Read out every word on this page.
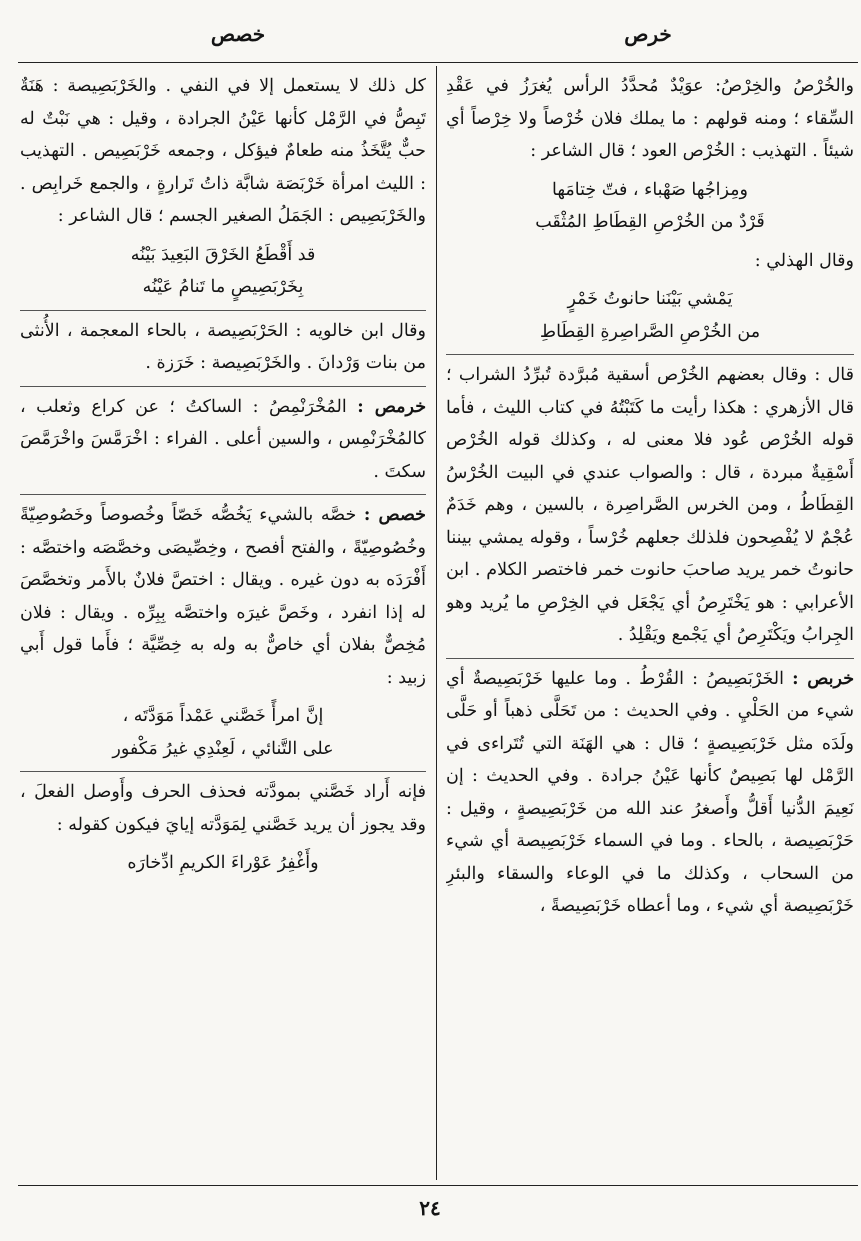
خرص
خصص

والخُرْصُ والخِرْصُ: عوَيْدٌ مُحدَّدُ الرأس يُغرَزُ في عَقْدِ السِّقاء ؛ ومنه قولهم : ما يملك فلان خُرْصاً ولا خِرْصاً أي شيئاً . التهذيب : الخُرْص العود ؛ قال الشاعر :

ومِزاجُها صَهْباء ، فتّ خِتامَها
قَرْدٌ من الخُرْصِ القِطَاطِ المُثْقَب

وقال الهذلي :

يَمْشي بَيْنَنا حانوتُ خَمْرٍ
من الخُرْصِ الصَّراصِرةِ القِطَاطِ

قال : وقال بعضهم الخُرْص أسقية مُبرَّدة تُبرِّدُ الشراب ؛ قال الأزهري : هكذا رأيت ما كَتَبْتُهُ في كتاب الليث ، فأما قوله الخُرْص عُود فلا معنى له ، وكذلك قوله الخُرْص أَسْقِيةٌ مبردة ، قال : والصواب عندي في البيت الخُرْسُ القِطَاطُ ، ومن الخرس الصَّراصِرة ، بالسين ، وهم خَدَمٌ عُجْمٌ لا يُفْصِحون فلذلك جعلهم خُرْساً ، وقوله يمشي بيننا حانوتُ خمر يريد صاحبَ حانوت خمر فاختصر الكلام . ابن الأعرابي : هو يَخْتَرِصُ أي يَجْعَل في الخِرْصِ ما يُريد وهو الجِرابُ ويَكْتَرِصُ أي يَجْمع ويَقْلِدُ .

خربص : الخَرْبَصِيصُ : القُرْطُ . وما عليها خَرْبَصِيصةٌ أي شيء من الحَلْيِ . وفي الحديث : من تَحَلَّى ذهباً أو حَلَّى ولَدَه مثل خَرْبَصِيصةٍ ؛ قال : هي الهَنَة التي تُتَراءى في الرَّمْل لها بَصِيصٌ كأنها عَيْنُ جرادة . وفي الحديث : إن نَعِيمَ الدُّنيا أَقلُّ وأَصغرُ عند الله من خَرْبَصِيصةٍ ، وقيل : حَرْبَصِيصة ، بالحاء . وما في السماء خَرْبَصِيصة أي شيء من السحاب ، وكذلك ما في الوعاء والسقاء والبئرِ خَرْبَصِيصة أي شيء ، وما أعطاه خَرْبَصِيصةً ،

كل ذلك لا يستعمل إلا في النفي . والخَرْبَصِيصة : هَنَةٌ تَبِصُّ في الرَّمْل كأنها عَيْنُ الجرادة ، وقيل : هي نَبْتٌ له حبٌّ يُتَّخَذُ منه طعامٌ فيؤكل ، وجمعه خَرْبَصِيص . التهذيب : الليث امرأة خَرْبَصَة شابَّة ذاتُ تَرارةٍ ، والجمع خَرابِص . والخَرْبَصِيص : الجَمَلُ الصغير الجسم ؛ قال الشاعر :

قد أَقْطَعُ الخَرْقَ البَعِيدَ بَيْنُه
بِخَرْبَصِيصٍ ما تَنامُ عَيْنُه

وقال ابن خالويه : الحَرْبَصِيصة ، بالحاء المعجمة ، الأُنثى من بنات وَرْدانَ . والخَرْبَصِيصة : خَرَزة .

خرمص : المُخْرَنْمِصُ : الساكتُ ؛ عن كراع وثعلب ، كالمُخْرَنْمِس ، والسين أعلى . الفراء : اخْرَمَّسَ واخْرَمَّصَ سكتَ .

خصص : خصَّه بالشيء يَخُصُّه خَصّاً وخُصوصاً وخَصُوصِيّةً وخُصُوصِيّةً ، والفتح أفصح ، وخِصِّيصَى وخصَّصَه واختصَّه : أَفْرَدَه به دون غيره . ويقال : اختصَّ فلانٌ بالأَمر وتخصَّصَ له إذا انفرد ، وخَصَّ غيرَه واختصَّه بِبِرِّه . ويقال : فلان مُخِصٌّ بفلان أي خاصٌّ به وله به خِصِّيَّة ؛ فأَما قول أَبي زبيد :

إنَّ امرأً خَصَّني عَمْداً مَوَدَّتَه ،
على التَّنائي ، لَعِنْدِي غيرُ مَكْفور

فإنه أَراد خَصَّني بمودَّته فحذف الحرف وأَوصل الفعلَ ، وقد يجوز أن يريد خَصَّني لِمَوَدَّته إيايَ فيكون كقوله :

وأَغْفِرُ عَوْراءَ الكريمِ ادِّخارَه
٢٤
